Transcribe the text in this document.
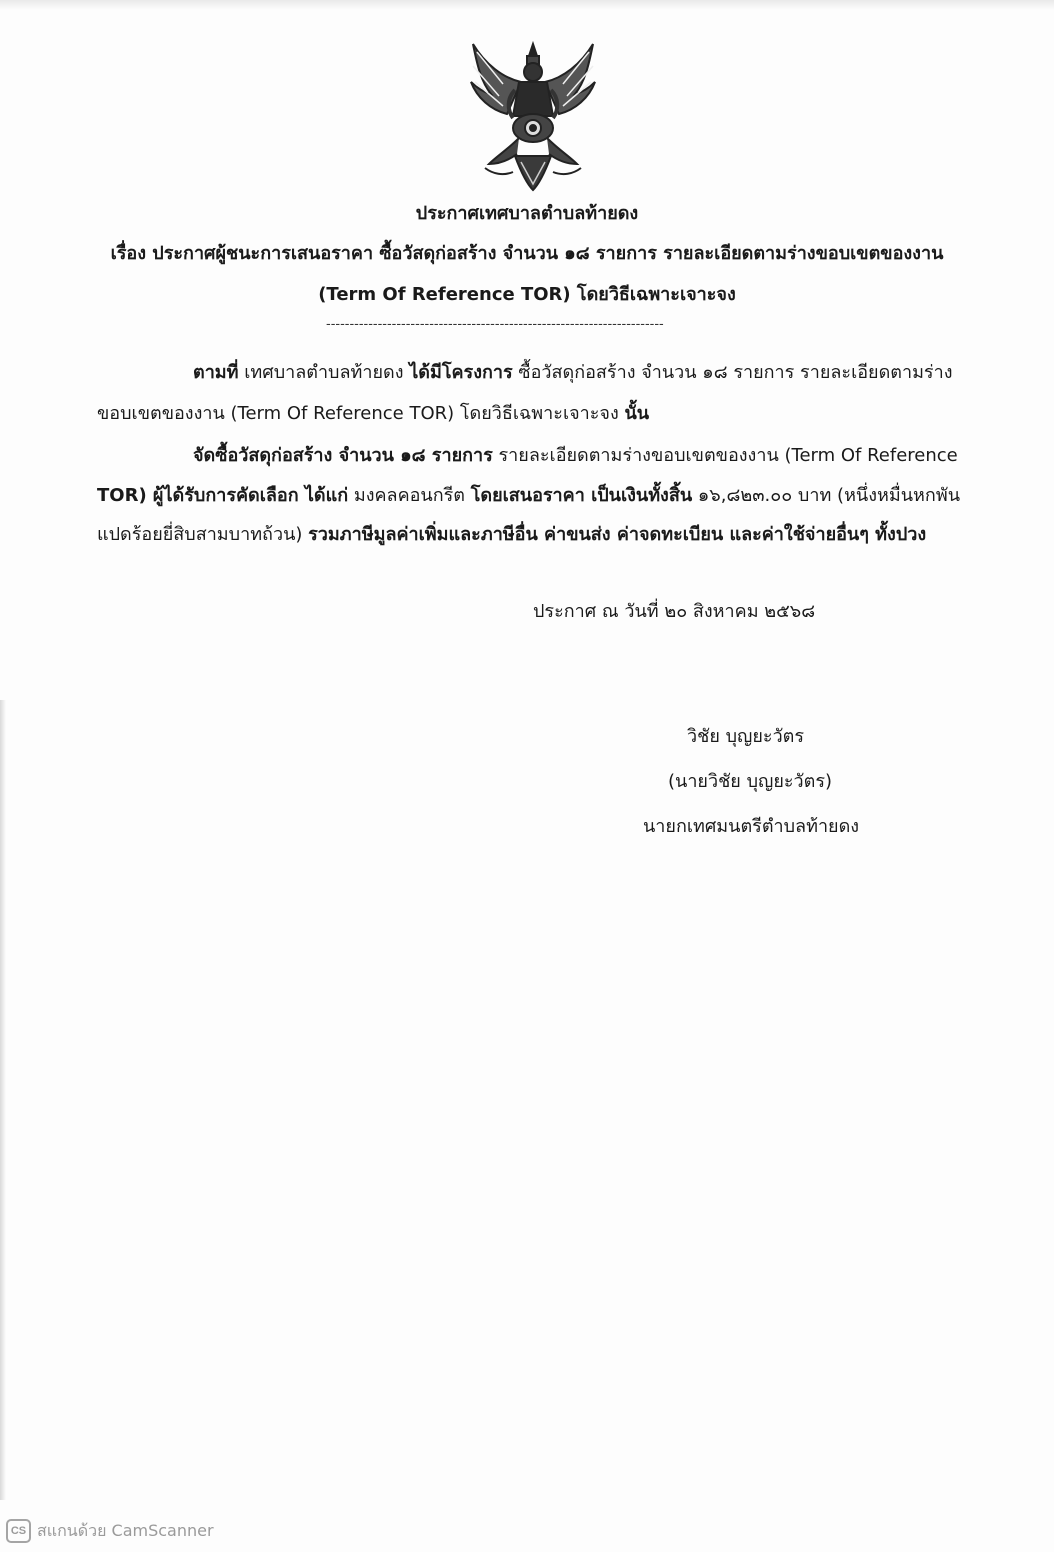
ประกาศเทศบาลตำบลท้ายดง
เรื่อง ประกาศผู้ชนะการเสนอราคา ซื้อวัสดุก่อสร้าง จำนวน ๑๘ รายการ รายละเอียดตามร่างขอบเขตของงาน
(Term Of Reference TOR) โดยวิธีเฉพาะเจาะจง
------------------------------------------------------------------------
ตามที่ เทศบาลตำบลท้ายดง ได้มีโครงการ ซื้อวัสดุก่อสร้าง จำนวน ๑๘ รายการ รายละเอียดตามร่าง
ขอบเขตของงาน (Term Of Reference TOR) โดยวิธีเฉพาะเจาะจง นั้น
จัดซื้อวัสดุก่อสร้าง จำนวน ๑๘ รายการ รายละเอียดตามร่างขอบเขตของงาน (Term Of Reference
TOR) ผู้ได้รับการคัดเลือก ได้แก่ มงคลคอนกรีต โดยเสนอราคา เป็นเงินทั้งสิ้น ๑๖,๘๒๓.๐๐ บาท (หนึ่งหมื่นหกพัน
แปดร้อยยี่สิบสามบาทถ้วน) รวมภาษีมูลค่าเพิ่มและภาษีอื่น ค่าขนส่ง ค่าจดทะเบียน และค่าใช้จ่ายอื่นๆ ทั้งปวง
ประกาศ ณ วันที่ ๒๐ สิงหาคม ๒๕๖๘
วิชัย บุญยะวัตร
(นายวิชัย บุญยะวัตร)
นายกเทศมนตรีตำบลท้ายดง
CS สแกนด้วย CamScanner
